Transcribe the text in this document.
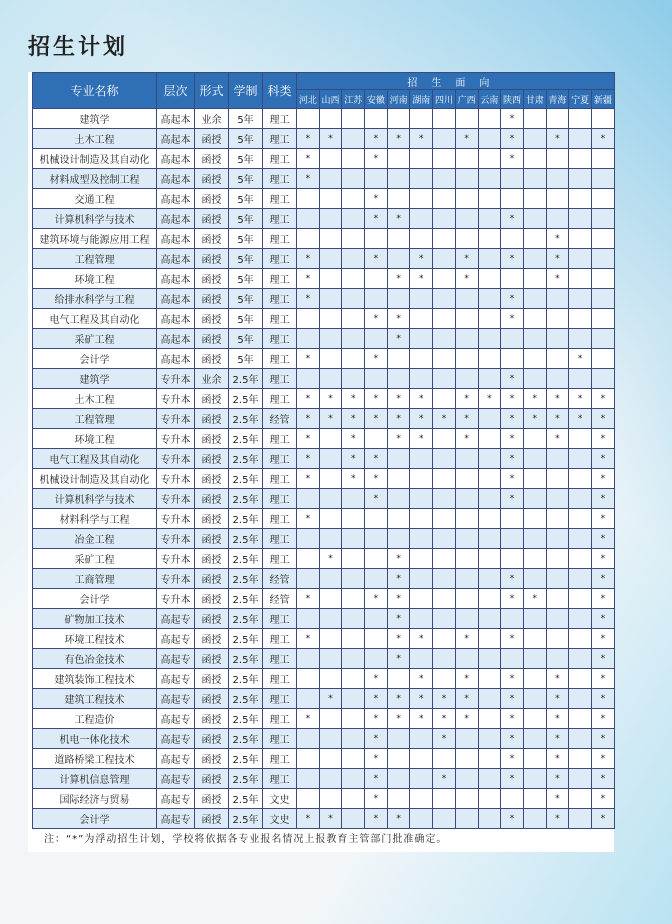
招生计划
专业名称	层次	形式	学制	科类	招生面向													
					河北	山西	江苏	安徽	河南	湖南	四川	广西	云南	陕西	甘肃	青海	宁夏	新疆
建筑学	高起本	业余	5年	理工										*				
土木工程	高起本	函授	5年	理工	*	*		*	*	*		*		*		*		*
机械设计制造及其自动化	高起本	函授	5年	理工	*			*						*				
材料成型及控制工程	高起本	函授	5年	理工	*													
交通工程	高起本	函授	5年	理工				*										
计算机科学与技术	高起本	函授	5年	理工				*	*					*				
建筑环境与能源应用工程	高起本	函授	5年	理工												*		
工程管理	高起本	函授	5年	理工	*			*		*		*		*		*		
环境工程	高起本	函授	5年	理工	*				*	*		*				*		
给排水科学与工程	高起本	函授	5年	理工	*									*				
电气工程及其自动化	高起本	函授	5年	理工				*	*					*				
采矿工程	高起本	函授	5年	理工					*									
会计学	高起本	函授	5年	理工	*			*									*	
建筑学	专升本	业余	2.5年	理工										*				
土木工程	专升本	函授	2.5年	理工	*	*	*	*	*	*		*	*	*	*	*	*	*
工程管理	专升本	函授	2.5年	经管	*	*	*	*	*	*	*	*		*	*	*	*	*
环境工程	专升本	函授	2.5年	理工	*		*		*	*		*		*		*		*
电气工程及其自动化	专升本	函授	2.5年	理工	*		*	*						*				*
机械设计制造及其自动化	专升本	函授	2.5年	理工	*		*	*						*				*
计算机科学与技术	专升本	函授	2.5年	理工				*						*				*
材料科学与工程	专升本	函授	2.5年	理工	*													*
冶金工程	专升本	函授	2.5年	理工														*
采矿工程	专升本	函授	2.5年	理工		*			*									*
工商管理	专升本	函授	2.5年	经管					*					*				*
会计学	专升本	函授	2.5年	经管	*			*	*					*	*			*
矿物加工技术	高起专	函授	2.5年	理工					*									*
环境工程技术	高起专	函授	2.5年	理工	*				*	*		*		*				*
有色冶金技术	高起专	函授	2.5年	理工					*									*
建筑装饰工程技术	高起专	函授	2.5年	理工				*		*		*		*		*		*
建筑工程技术	高起专	函授	2.5年	理工		*		*	*	*	*	*		*		*		*
工程造价	高起专	函授	2.5年	理工	*			*	*	*	*	*		*		*		*
机电一体化技术	高起专	函授	2.5年	理工				*			*			*		*		*
道路桥梁工程技术	高起专	函授	2.5年	理工				*						*		*		*
计算机信息管理	高起专	函授	2.5年	理工				*			*			*		*		*
国际经济与贸易	高起专	函授	2.5年	文史				*								*		*
会计学	高起专	函授	2.5年	文史	*	*		*	*					*		*		*
注：“*”为浮动招生计划，学校将依据各专业报名情况上报教育主管部门批准确定。
